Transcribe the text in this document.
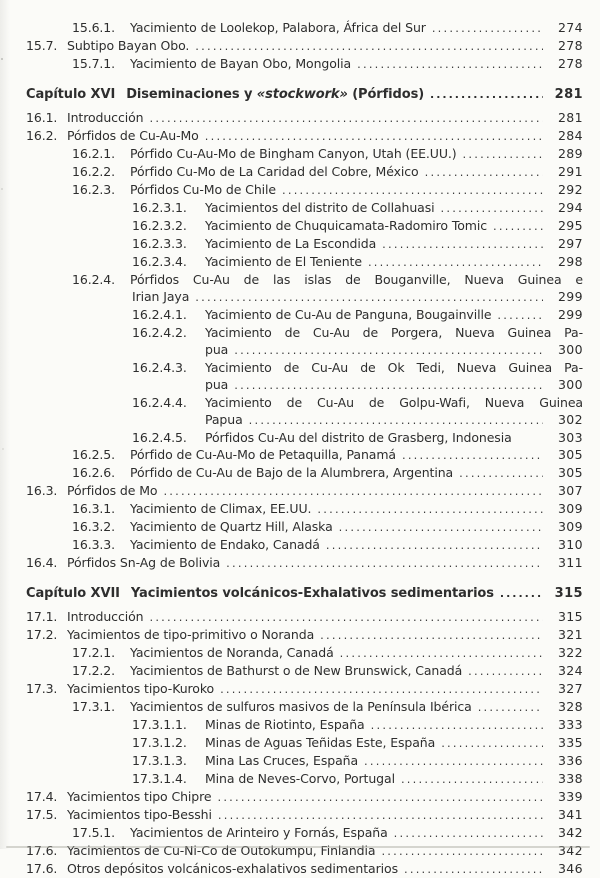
15.6.1.	Yacimiento de Loolekop, Palabora, África del Sur .....	274
15.7. Subtipo Bayan Obo. .....	278
15.7.1.	Yacimiento de Bayan Obo, Mongolia .....	278
Capítulo XVI Diseminaciones y «stockwork» (Pórfidos) .....	281
16.1. Introducción .....	281
16.2. Pórfidos de Cu-Au-Mo .....	284
16.2.1.	Pórfido Cu-Au-Mo de Bingham Canyon, Utah (EE.UU.) .....	289
16.2.2.	Pórfido Cu-Mo de La Caridad del Cobre, México .....	291
16.2.3.	Pórfidos Cu-Mo de Chile .....	292
16.2.3.1.	Yacimientos del distrito de Collahuasi .....	294
16.2.3.2.	Yacimiento de Chuquicamata-Radomiro Tomic .....	295
16.2.3.3.	Yacimiento de La Escondida .....	297
16.2.3.4.	Yacimiento de El Teniente .....	298
16.2.4.	Pórfidos Cu-Au de las islas de Bouganville, Nueva Guinea e
Irian Jaya .....	299
16.2.4.1.	Yacimiento de Cu-Au de Panguna, Bougainville .....	299
16.2.4.2.	Yacimiento de Cu-Au de Porgera, Nueva Guinea Pa-
pua .....	300
16.2.4.3.	Yacimiento de Cu-Au de Ok Tedi, Nueva Guinea Pa-
pua .....	300
16.2.4.4.	Yacimiento de Cu-Au de Golpu-Wafi, Nueva Guinea
Papua .....	302
16.2.4.5.	Pórfidos Cu-Au del distrito de Grasberg, Indonesia	303
16.2.5.	Pórfido de Cu-Au-Mo de Petaquilla, Panamá .....	305
16.2.6.	Pórfido de Cu-Au de Bajo de la Alumbrera, Argentina .....	305
16.3. Pórfidos de Mo .....	307
16.3.1.	Yacimiento de Climax, EE.UU. .....	309
16.3.2.	Yacimiento de Quartz Hill, Alaska .....	309
16.3.3.	Yacimiento de Endako, Canadá .....	310
16.4. Pórfidos Sn-Ag de Bolivia .....	311
Capítulo XVII Yacimientos volcánicos-Exhalativos sedimentarios .....	315
17.1. Introducción .....	315
17.2. Yacimientos de tipo-primitivo o Noranda .....	321
17.2.1.	Yacimientos de Noranda, Canadá .....	322
17.2.2.	Yacimientos de Bathurst o de New Brunswick, Canadá .....	324
17.3. Yacimientos tipo-Kuroko .....	327
17.3.1.	Yacimientos de sulfuros masivos de la Península Ibérica .....	328
17.3.1.1.	Minas de Riotinto, España .....	333
17.3.1.2.	Minas de Aguas Teñidas Este, España .....	335
17.3.1.3.	Mina Las Cruces, España .....	336
17.3.1.4.	Mina de Neves-Corvo, Portugal .....	338
17.4. Yacimientos tipo Chipre .....	339
17.5. Yacimientos tipo-Besshi .....	341
17.5.1.	Yacimientos de Arinteiro y Fornás, España .....	342
17.6. Yacimientos de Cu-Ni-Co de Outokumpu, Finlandia .....	342
17.6. Otros depósitos volcánicos-exhalativos sedimentarios .....	346
